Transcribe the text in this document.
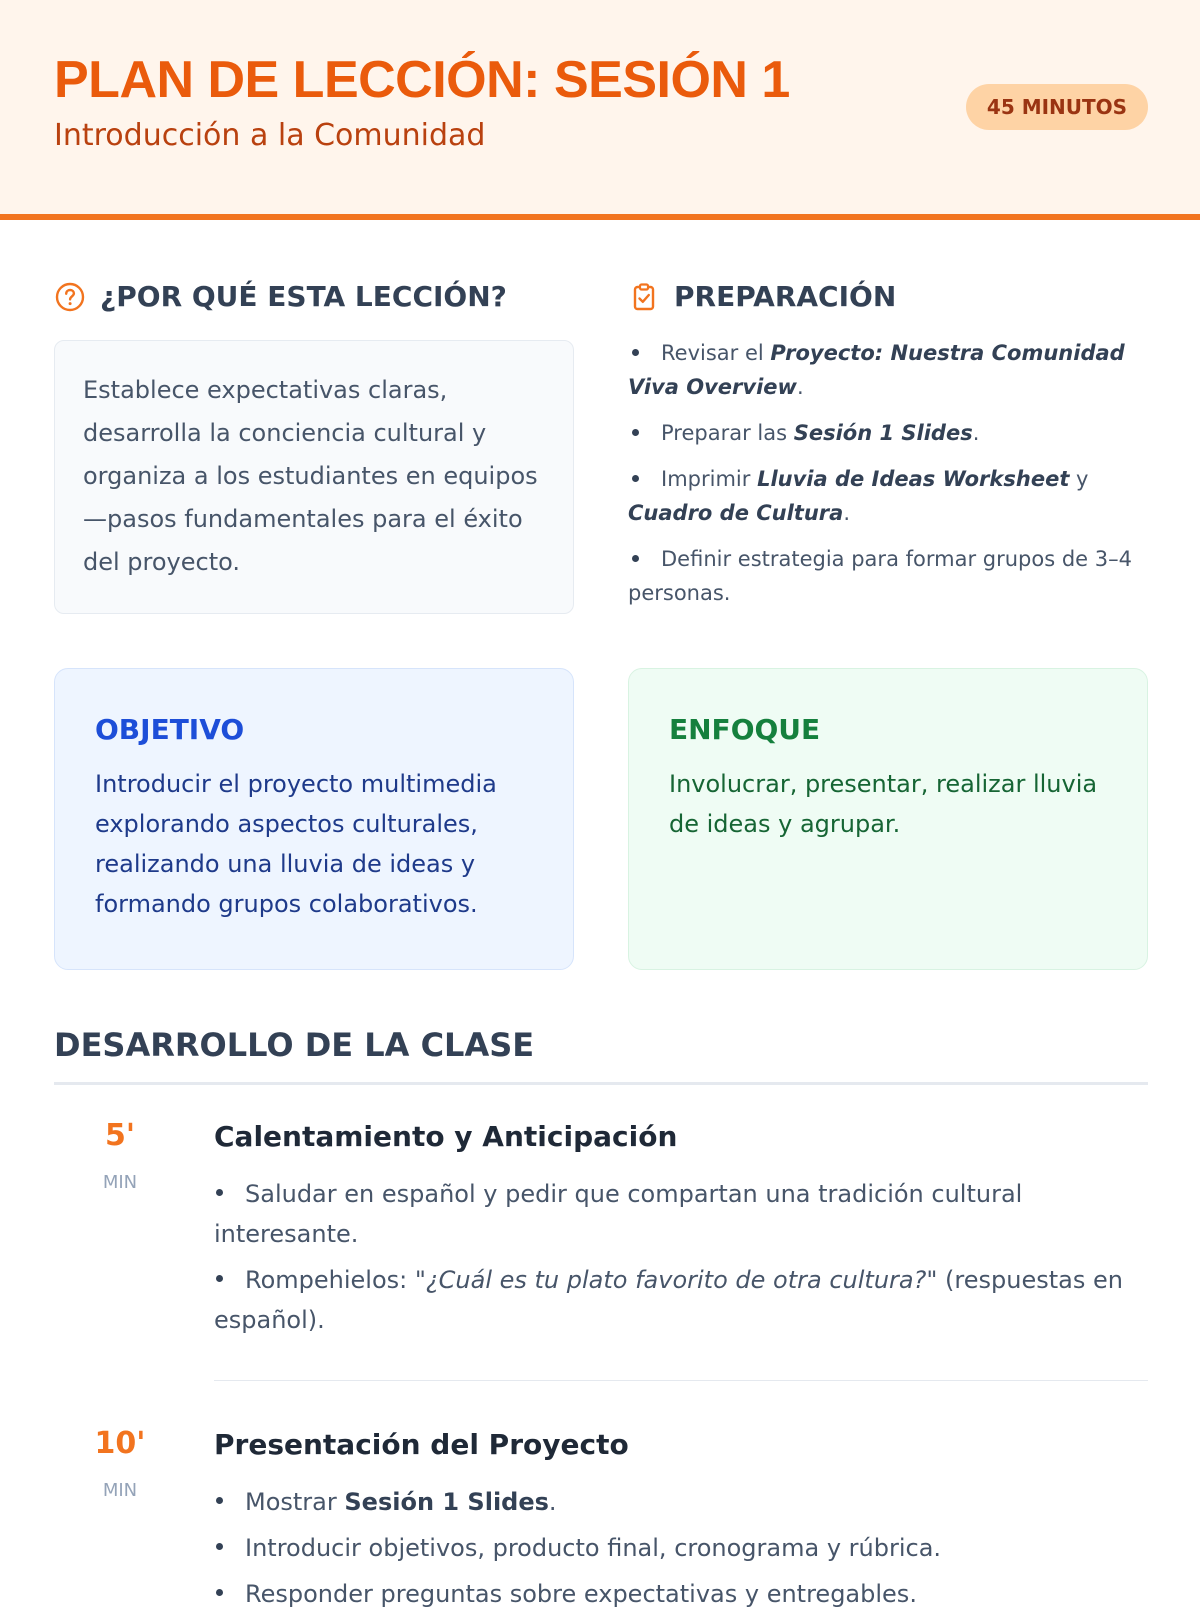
PLAN DE LECCIÓN: SESIÓN 1
Introducción a la Comunidad
45 MINUTOS
¿POR QUÉ ESTA LECCIÓN?
Establece expectativas claras, desarrolla la conciencia cultural y organiza a los estudiantes en equipos —pasos fundamentales para el éxito del proyecto.
PREPARACIÓN
Revisar el Proyecto: Nuestra Comunidad Viva Overview.
Preparar las Sesión 1 Slides.
Imprimir Lluvia de Ideas Worksheet y Cuadro de Cultura.
Definir estrategia para formar grupos de 3–4 personas.
OBJETIVO

Introducir el proyecto multimedia explorando aspectos culturales, realizando una lluvia de ideas y formando grupos colaborativos.

ENFOQUE

Involucrar, presentar, realizar lluvia de ideas y agrupar.

DESARROLLO DE LA CLASE
5'
MIN
Calentamiento y Anticipación
Saludar en español y pedir que compartan una tradición cultural interesante.
Rompehielos: "¿Cuál es tu plato favorito de otra cultura?" (respuestas en español).
10'
MIN
Presentación del Proyecto
Mostrar Sesión 1 Slides.
Introducir objetivos, producto final, cronograma y rúbrica.
Responder preguntas sobre expectativas y entregables.
